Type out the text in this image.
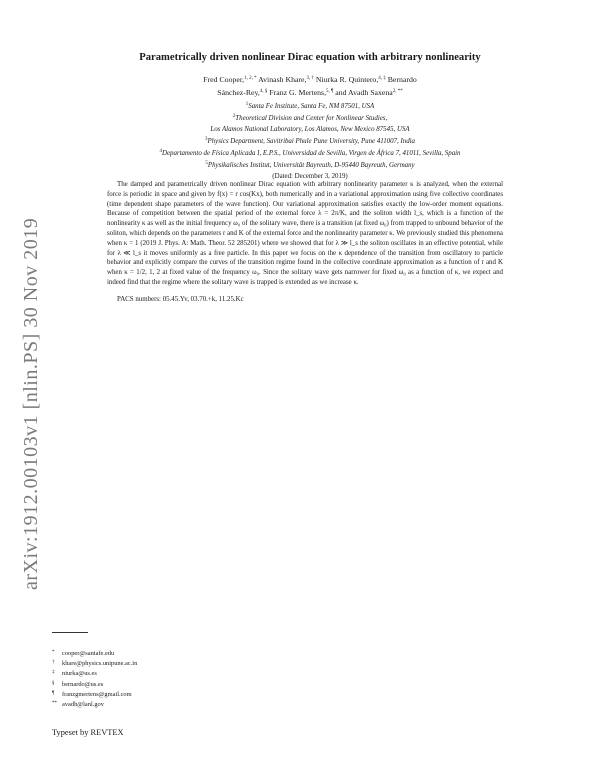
arXiv:1912.00103v1 [nlin.PS] 30 Nov 2019
Parametrically driven nonlinear Dirac equation with arbitrary nonlinearity
Fred Cooper,$^{1, 2, *}$ Avinash Khare,$^{3, \dagger}$ Niurka R. Quintero,$^{4, \ddagger}$ Bernardo
Sánchez-Rey,$^{4, \S}$ Franz G. Mertens,$^{5, \P}$ and Avadh Saxena$^{2, **}$
$^1$Santa Fe Institute, Santa Fe, NM 87501, USA
$^2$Theoretical Division and Center for Nonlinear Studies,
Los Alamos National Laboratory, Los Alamos, New Mexico 87545, USA
$^3$Physics Department, Savitribai Phule Pune University, Pune 411007, India
$^4$Departamento de Física Aplicada I, E.P.S., Universidad de Sevilla, Virgen de África 7, 41011, Sevilla, Spain
$^5$Physikalisches Institut, Universität Bayreuth, D-95440 Bayreuth, Germany
(Dated: December 3, 2019)

The damped and parametrically driven nonlinear Dirac equation with arbitrary nonlinearity parameter κ is analyzed, when the external force is periodic in space and given by f(x) = r cos(Kx), both numerically and in a variational approximation using five collective coordinates (time dependent shape parameters of the wave function). Our variational approximation satisfies exactly the low-order moment equations. Because of competition between the spatial period of the external force λ = 2π/K, and the soliton width l_s, which is a function of the nonlinearity κ as well as the initial frequency ω₀ of the solitary wave, there is a transition (at fixed ω₀) from trapped to unbound behavior of the soliton, which depends on the parameters r and K of the external force and the nonlinearity parameter κ. We previously studied this phenomena when κ = 1 (2019 J. Phys. A: Math. Theor. 52 285201) where we showed that for λ ≫ l_s the soliton oscillates in an effective potential, while for λ ≪ l_s it moves uniformly as a free particle. In this paper we focus on the κ dependence of the transition from oscillatory to particle behavior and explicitly compare the curves of the transition regime found in the collective coordinate approximation as a function of r and K when κ = 1/2, 1, 2 at fixed value of the frequency ω₀. Since the solitary wave gets narrower for fixed ω₀ as a function of κ, we expect and indeed find that the regime where the solitary wave is trapped is extended as we increase κ.

PACS numbers: 05.45.Yv, 03.70.+k, 11.25.Kc
* cooper@santafe.edu
† khare@physics.unipune.ac.in
‡ niurka@us.es
§ bernardo@us.es
¶ franzgmertens@gmail.com
** avadh@lanl.gov
Typeset by REVTEX
